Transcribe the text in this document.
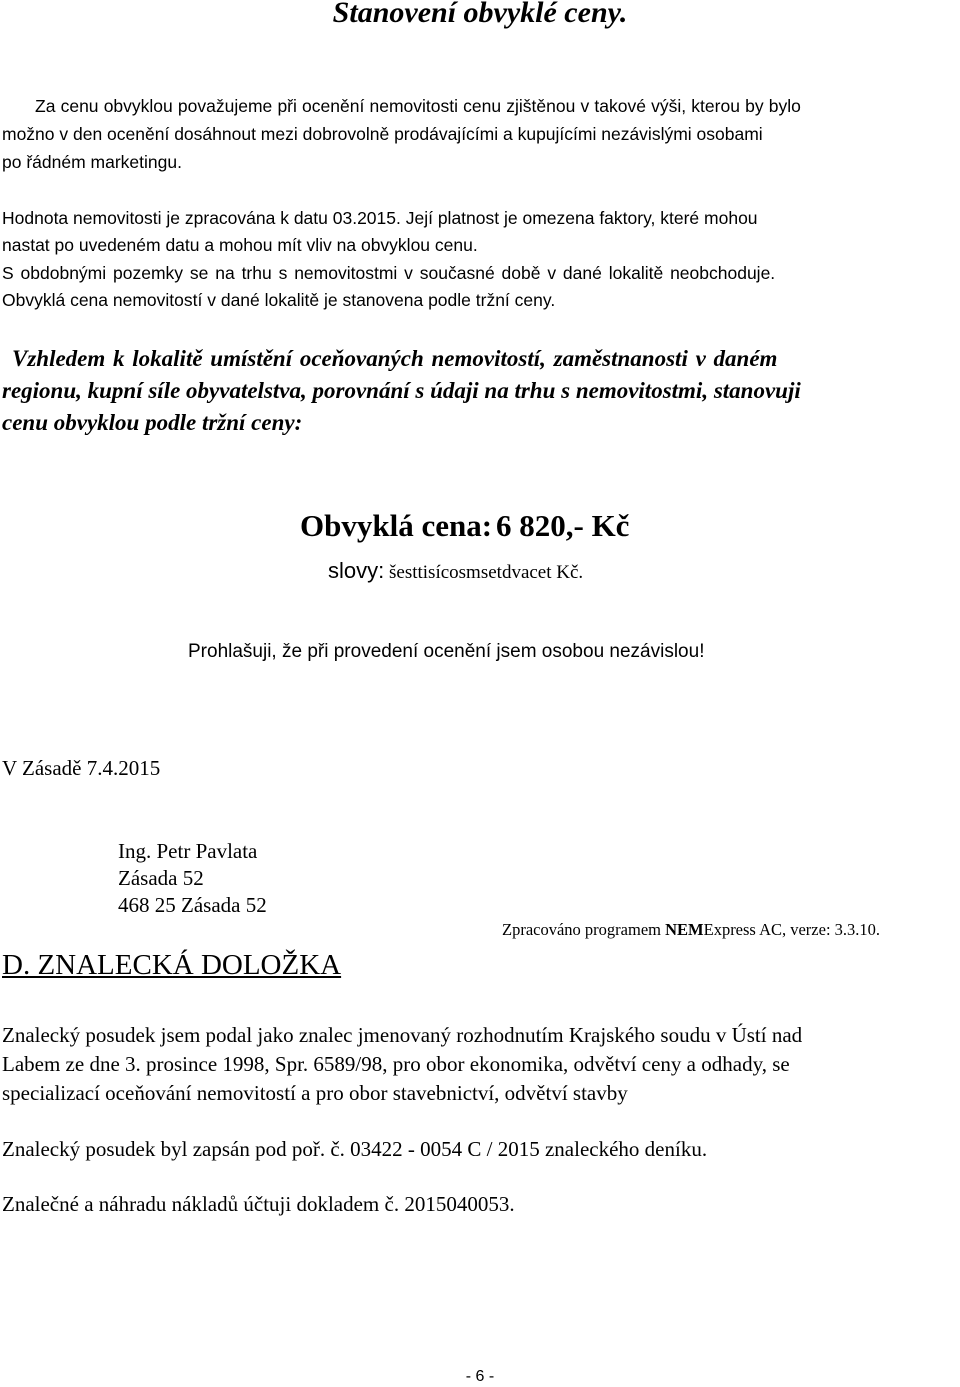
Stanovení obvyklé ceny.

Za cenu obvyklou považujeme při ocenění nemovitosti cenu zjištěnou v takové výši, kterou by bylo

možno v den ocenění dosáhnout mezi dobrovolně prodávajícími a kupujícími nezávislými osobami

po řádném marketingu.

Hodnota nemovitosti je zpracována k datu 03.2015. Její platnost je omezena faktory, které mohou

nastat po uvedeném datu a mohou mít vliv na obvyklou cenu.

S obdobnými pozemky se na trhu s nemovitostmi v současné době v dané lokalitě neobchoduje.

Obvyklá cena nemovitostí v dané lokalitě je stanovena podle tržní ceny.

Vzhledem k lokalitě umístění oceňovaných nemovitostí, zaměstnanosti v daném

regionu, kupní síle obyvatelstva, porovnání s údaji na trhu s nemovitostmi, stanovuji

cenu obvyklou podle tržní ceny:

Obvyklá cena: 6 820,- Kč

slovy: šesttisícosmsetdvacet Kč.

Prohlašuji, že při provedení ocenění jsem osobou nezávislou!

V Zásadě 7.4.2015

Ing. Petr Pavlata

Zásada 52

468 25 Zásada 52

Zpracováno programem NEMExpress AC, verze: 3.3.10.

D. ZNALECKÁ DOLOŽKA

Znalecký posudek jsem podal jako znalec jmenovaný rozhodnutím Krajského soudu v Ústí nad

Labem ze dne 3. prosince 1998, Spr. 6589/98, pro obor ekonomika, odvětví ceny a odhady, se

specializací oceňování nemovitostí a pro obor stavebnictví, odvětví stavby

Znalecký posudek byl zapsán pod poř. č. 03422 - 0054 C / 2015 znaleckého deníku.

Znalečné a náhradu nákladů účtuji dokladem č. 2015040053.

- 6 -
